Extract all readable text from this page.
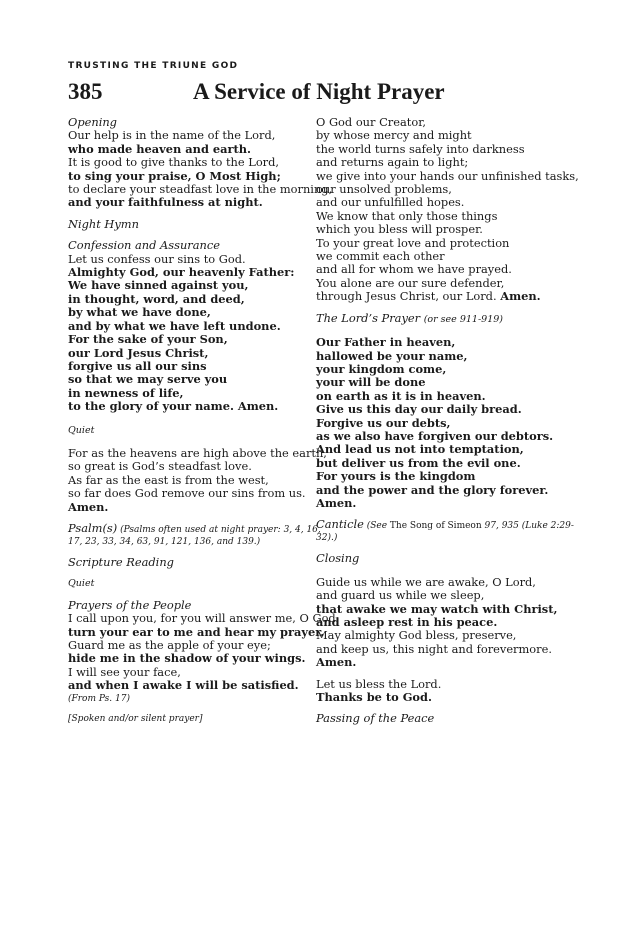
TRUSTING THE TRIUNE GOD
385	A Service of Night Prayer
Opening
Our help is in the name of the Lord,
who made heaven and earth.
It is good to give thanks to the Lord,
to sing your praise, O Most High;
to declare your steadfast love in the morning,
and your faithfulness at night.
Night Hymn
Confession and Assurance
Let us confess our sins to God.
Almighty God, our heavenly Father:
We have sinned against you,
in thought, word, and deed,
by what we have done,
and by what we have left undone.
For the sake of your Son,
our Lord Jesus Christ,
forgive us all our sins
so that we may serve you
in newness of life,
to the glory of your name. Amen.
Quiet
For as the heavens are high above the earth,
so great is God’s steadfast love.
As far as the east is from the west,
so far does God remove our sins from us.
Amen.
Psalm(s) (Psalms often used at night prayer: 3, 4, 16,
17, 23, 33, 34, 63, 91, 121, 136, and 139.)
Scripture Reading
Quiet
Prayers of the People
I call upon you, for you will answer me, O God;
turn your ear to me and hear my prayer.
Guard me as the apple of your eye;
hide me in the shadow of your wings.
I will see your face,
and when I awake I will be satisfied.
(From Ps. 17)
[Spoken and/or silent prayer]
O God our Creator,
by whose mercy and might
the world turns safely into darkness
and returns again to light;
we give into your hands our unfinished tasks,
our unsolved problems,
and our unfulfilled hopes.
We know that only those things
which you bless will prosper.
To your great love and protection
we commit each other
and all for whom we have prayed.
You alone are our sure defender,
through Jesus Christ, our Lord. Amen.
The Lord’s Prayer (or see 911-919)
Our Father in heaven,
hallowed be your name,
your kingdom come,
your will be done
on earth as it is in heaven.
Give us this day our daily bread.
Forgive us our debts,
as we also have forgiven our debtors.
And lead us not into temptation,
but deliver us from the evil one.
For yours is the kingdom
and the power and the glory forever.
Amen.
Canticle (See The Song of Simeon 97, 935 (Luke 2:29-
32).)
Closing
Guide us while we are awake, O Lord,
and guard us while we sleep,
that awake we may watch with Christ,
and asleep rest in his peace.
May almighty God bless, preserve,
and keep us, this night and forevermore.
Amen.
Let us bless the Lord.
Thanks be to God.
Passing of the Peace
